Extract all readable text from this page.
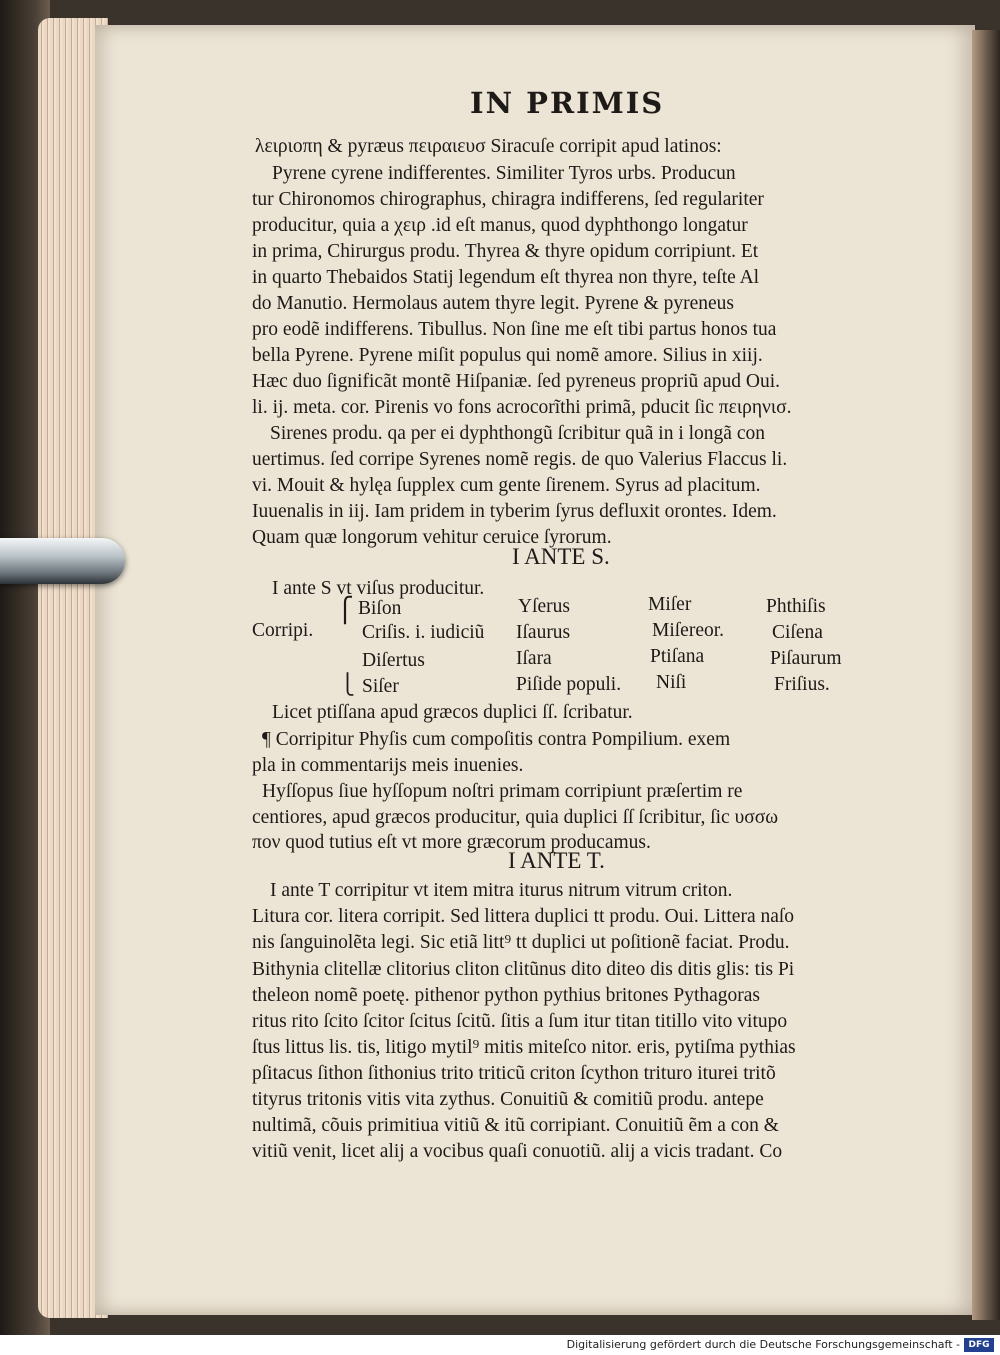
IN PRIMIS
λειριοπη & pyræus πειραιευσ Siracuſe corripit apud latinos:
Pyrene cyrene indifferentes. Similiter Tyros urbs. Producun
tur Chironomos chirographus, chiragra indifferens, ſed regulariter
producitur, quia a χειρ .id eſt manus, quod dyphthongo longatur
in prima, Chirurgus produ. Thyrea & thyre opidum corripiunt. Et
in quarto Thebaidos Statij legendum eſt thyrea non thyre, teſte Al
do Manutio. Hermolaus autem thyre legit. Pyrene & pyreneus
pro eodẽ indifferens. Tibullus. Non ſine me eſt tibi partus honos tua
bella Pyrene. Pyrene miſit populus qui nomẽ amore. Silius in xiij.
Hæc duo ſignificãt montẽ Hiſpaniæ. ſed pyreneus propriũ apud Oui.
li. ij. meta. cor. Pirenis vo fons acrocorĩthi primã, pducit ſic πειρηνισ.
Sirenes produ. qa per ei dyphthongũ ſcribitur quã in i longã con
uertimus. ſed corripe Syrenes nomẽ regis. de quo Valerius Flaccus li.
vi. Mouit & hylęa ſupplex cum gente ſirenem. Syrus ad placitum.
Iuuenalis in iij. Iam pridem in tyberim ſyrus defluxit orontes. Idem.
Quam quæ longorum vehitur ceruice ſyrorum.
I ANTE S.
I ante S vt viſus producitur.
Corripi.
⎧
⎩
Biſon
Criſis. i. iudiciũ
Diſertus
Siſer
Yſerus
Iſaurus
Iſara
Piſide populi.
Miſer
Miſereor.
Ptiſana
Niſi
Phthiſis
Ciſena
Piſaurum
Friſius.
Licet ptiſſana apud græcos duplici ſſ. ſcribatur.
¶ Corripitur Phyſis cum compoſitis contra Pompilium. exem
pla in commentarijs meis inuenies.
Hyſſopus ſiue hyſſopum noſtri primam corripiunt præſertim re
centiores, apud græcos producitur, quia duplici ſſ ſcribitur, ſic υσσω
πον quod tutius eſt vt more græcorum producamus.
I ANTE T.
I ante T corripitur vt item mitra iturus nitrum vitrum criton.
Litura cor. litera corripit. Sed littera duplici tt produ. Oui. Littera naſo
nis ſanguinolẽta legi. Sic etiã litt⁹ tt duplici ut poſitionẽ faciat. Produ.
Bithynia clitellæ clitorius cliton clitũnus dito diteo dis ditis glis: tis Pi
theleon nomẽ poetę. pithenor python pythius britones Pythagoras
ritus rito ſcito ſcitor ſcitus ſcitũ. ſitis a ſum itur titan titillo vito vitupo
ſtus littus lis. tis, litigo mytil⁹ mitis miteſco nitor. eris, pytiſma pythias
pſitacus ſithon ſithonius trito triticũ criton ſcython trituro iturei tritõ
tityrus tritonis vitis vita zythus. Conuitiũ & comitiũ produ. antepe
nultimã, cõuis primitiua vitiũ & itũ corripiant. Conuitiũ ẽm a con &
vitiũ venit, licet alij a vocibus quaſi conuotiũ. alij a vicis tradant. Co
Digitalisierung gefördert durch die Deutsche Forschungsgemeinschaft - DFG
